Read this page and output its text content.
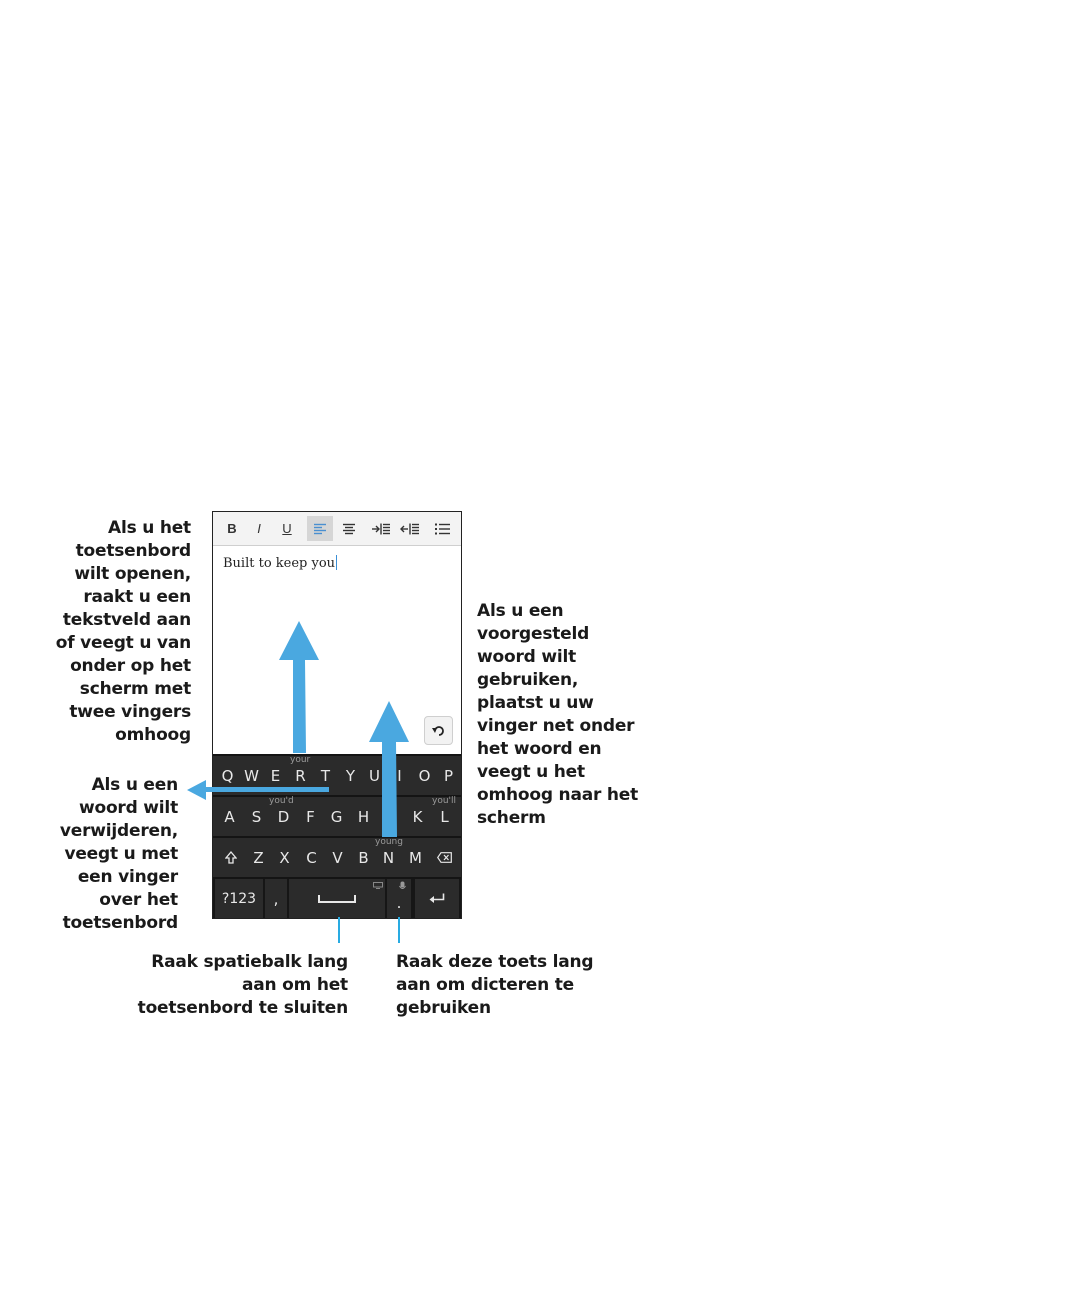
Als u het
toetsenbord
wilt openen,
raakt u een
tekstveld aan
of veegt u van
onder op het
scherm met
twee vingers
omhoog
Als u een
woord wilt
verwijderen,
veegt u met
een vinger
over het
toetsenbord
Als u een
voorgesteld
woord wilt
gebruiken,
plaatst u uw
vinger net onder
het woord en
veegt u het
omhoog naar het
scherm
Raak spatiebalk lang
aan om het
toetsenbord te sluiten
Raak deze toets lang
aan om dicteren te
gebruiken
B	I	U
Built to keep you
Q W E	R	T	Y U	I	O P
your
A	S	D	F	G	H	K	L
you'd	you'll
Z	X	C	V	B N M
young
?123	,	.
